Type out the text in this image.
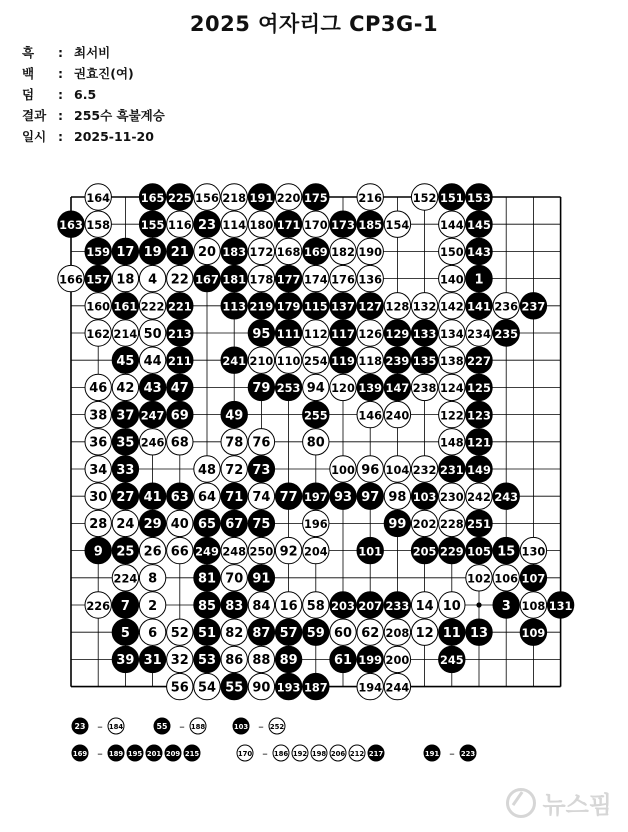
2025 여자리그 CP3G-1
흑 : 최서비
백 : 권효진(여)
덤 : 6.5
결과 : 255수 흑불계승
일시 : 2025-11-20
164	165 225 156 218 191 220 175	216	152 151 153
163 158	155 116 23 114 180 171 170 173 185 154	144 145
159 17 19 21 20 183 172 168 169 182 190	150 143
166 157 18 4 22 167 181 178 177 174 176 136	140 1
160 161 222 221	113 219 179 115 137 127 128 132 142 141 236 237
162 214 50 213	95 111 112 117 126 129 133 134 234 235
45 44 211	241 210 110 254 119 118 239 135 138 227
46 42 43 47	79 253 94 120 139 147 238 124 125
38 37 247 69	49	255	146 240	122 123
36 35 246 68	78 76	80	148 121
34 33	48 72 73	100 96 104 232 231 149
30 27 41 63 64 71 74 77 197 93 97 98 103 230 242 243
28 24 29 40 65 67 75	196	99 202 228 251
9 25 26 66 249 248 250 92 204	101	205 229 105 15 130
224 8	81 70 91	102 106 107
226 7 2	85 83 84 16 58 203 207 233 14 10	3 108 131
5 6 52 51 82 87 57 59 60 62 208 12 11 13	109
39 31 32 53 86 88 89	61 199 200	245
56 54 55 90 193 187	194 244
23 – 184	55 – 188	103 – 252
169 – 189 195 201 209 215	170 – 186 192 198 206 212 217	191 – 223
뉴스핌
